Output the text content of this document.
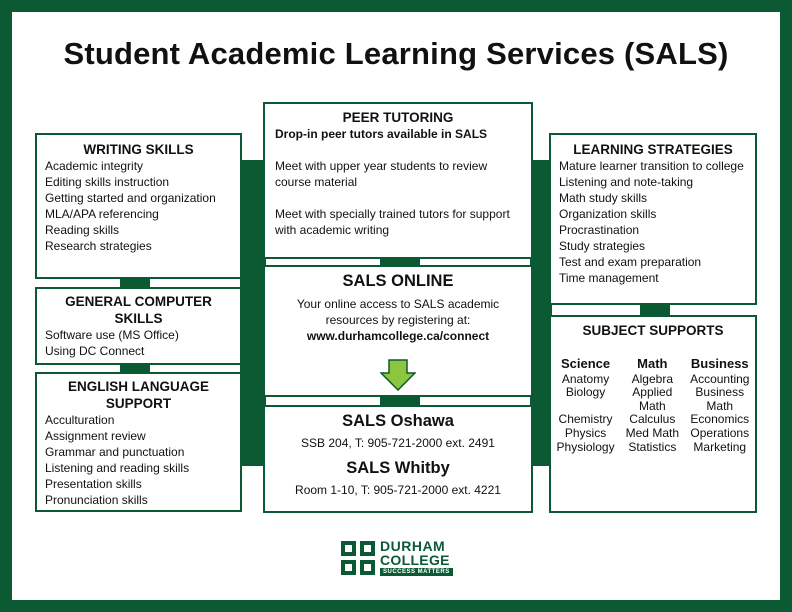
Student Academic Learning Services (SALS)
WRITING SKILLS
Academic integrity
Editing skills instruction
Getting started and organization
MLA/APA referencing
Reading skills
Research strategies
GENERAL COMPUTER
SKILLS
Software use (MS Office)
Using DC Connect
ENGLISH LANGUAGE
SUPPORT
Acculturation
Assignment review
Grammar and punctuation
Listening and reading skills
Presentation skills
Pronunciation skills
PEER TUTORING

Drop-in peer tutors available in SALS

Meet with upper year students to review
course material

Meet with specially trained tutors for support
with academic writing

SALS ONLINE
Your online access to SALS academic
resources by registering at:
www.durhamcollege.ca/connect
SALS Oshawa
SSB 204, T: 905-721-2000 ext. 2491
SALS Whitby
Room 1-10, T: 905-721-2000 ext. 4221
LEARNING STRATEGIES
Mature learner transition to college
Listening and note-taking
Math study skills
Organization skills
Procrastination
Study strategies
Test and exam preparation
Time management
SUBJECT SUPPORTS
Science
Anatomy
Biology

Chemistry
Physics
Physiology
Math
Algebra
Applied
Math
Calculus
Med Math
Statistics
Business
Accounting
Business
Math
Economics
Operations
Marketing
DURHAM
COLLEGE
SUCCESS MATTERS
